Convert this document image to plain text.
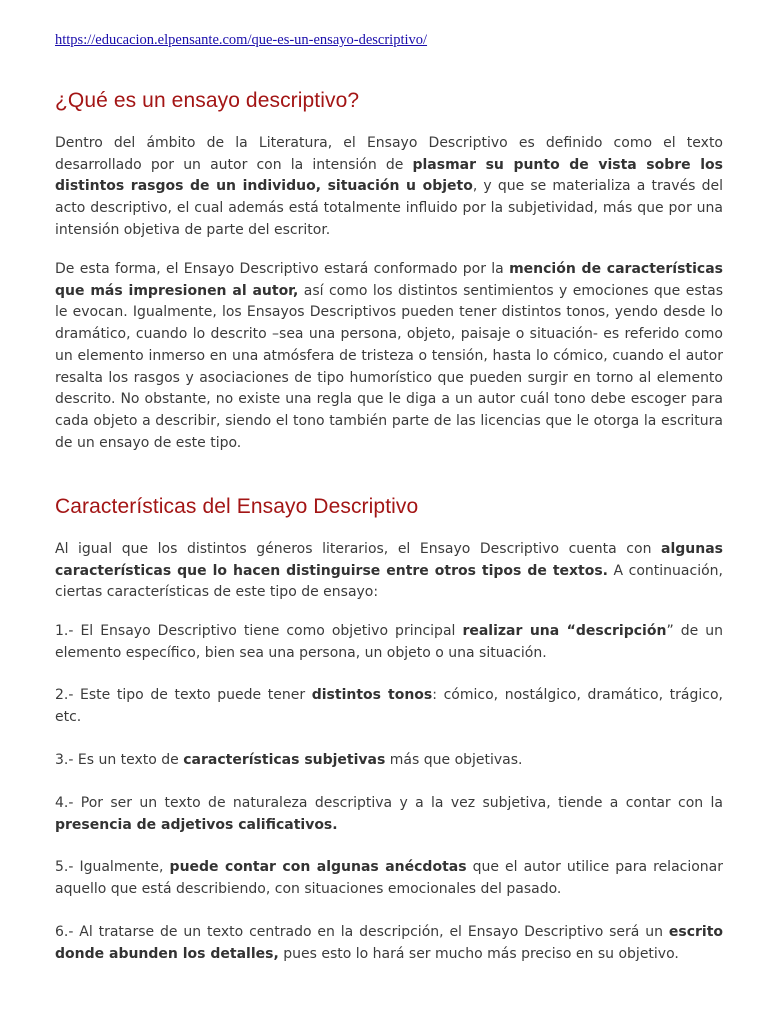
https://educacion.elpensante.com/que-es-un-ensayo-descriptivo/
¿Qué es un ensayo descriptivo?

Dentro del ámbito de la Literatura, el Ensayo Descriptivo es definido como el texto desarrollado por un autor con la intensión de plasmar su punto de vista sobre los distintos rasgos de un individuo, situación u objeto, y que se materializa a través del acto descriptivo, el cual además está totalmente influido por la subjetividad, más que por una intensión objetiva de parte del escritor.

De esta forma, el Ensayo Descriptivo estará conformado por la mención de características que más impresionen al autor, así como los distintos sentimientos y emociones que estas le evocan. Igualmente, los Ensayos Descriptivos pueden tener distintos tonos, yendo desde lo dramático, cuando lo descrito –sea una persona, objeto, paisaje o situación- es referido como un elemento inmerso en una atmósfera de tristeza o tensión, hasta lo cómico, cuando el autor resalta los rasgos y asociaciones de tipo humorístico que pueden surgir en torno al elemento descrito. No obstante, no existe una regla que le diga a un autor cuál tono debe escoger para cada objeto a describir, siendo el tono también parte de las licencias que le otorga la escritura de un ensayo de este tipo.

Características del Ensayo Descriptivo

Al igual que los distintos géneros literarios, el Ensayo Descriptivo cuenta con algunas características que lo hacen distinguirse entre otros tipos de textos. A continuación, ciertas características de este tipo de ensayo:

1.- El Ensayo Descriptivo tiene como objetivo principal realizar una “descripción” de un elemento específico, bien sea una persona, un objeto o una situación.

2.- Este tipo de texto puede tener distintos tonos: cómico, nostálgico, dramático, trágico, etc.

3.- Es un texto de características subjetivas más que objetivas.

4.- Por ser un texto de naturaleza descriptiva y a la vez subjetiva, tiende a contar con la presencia de adjetivos calificativos.

5.- Igualmente, puede contar con algunas anécdotas que el autor utilice para relacionar aquello que está describiendo, con situaciones emocionales del pasado.

6.- Al tratarse de un texto centrado en la descripción, el Ensayo Descriptivo será un escrito donde abunden los detalles, pues esto lo hará ser mucho más preciso en su objetivo.
